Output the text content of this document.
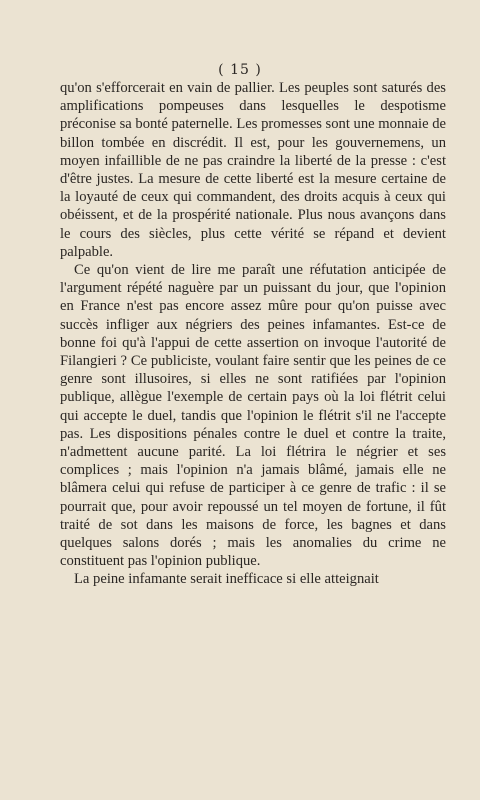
( 15 )

qu'on s'efforcerait en vain de pallier. Les peuples sont saturés des amplifications pompeuses dans lesquelles le despotisme préconise sa bonté paternelle. Les promesses sont une monnaie de billon tombée en discrédit. Il est, pour les gouvernemens, un moyen infaillible de ne pas craindre la liberté de la presse : c'est d'être justes. La mesure de cette liberté est la mesure certaine de la loyauté de ceux qui commandent, des droits acquis à ceux qui obéissent, et de la prospérité nationale. Plus nous avançons dans le cours des siècles, plus cette vérité se répand et devient palpable.

Ce qu'on vient de lire me paraît une réfutation anticipée de l'argument répété naguère par un puissant du jour, que l'opinion en France n'est pas encore assez mûre pour qu'on puisse avec succès infliger aux négriers des peines infamantes. Est-ce de bonne foi qu'à l'appui de cette assertion on invoque l'autorité de Filangieri ? Ce publiciste, voulant faire sentir que les peines de ce genre sont illusoires, si elles ne sont ratifiées par l'opinion publique, allègue l'exemple de certain pays où la loi flétrit celui qui accepte le duel, tandis que l'opinion le flétrit s'il ne l'accepte pas. Les dispositions pénales contre le duel et contre la traite, n'admettent aucune parité. La loi flétrira le négrier et ses complices ; mais l'opinion n'a jamais blâmé, jamais elle ne blâmera celui qui refuse de participer à ce genre de trafic : il se pourrait que, pour avoir repoussé un tel moyen de fortune, il fût traité de sot dans les maisons de force, les bagnes et dans quelques salons dorés ; mais les anomalies du crime ne constituent pas l'opinion publique.

La peine infamante serait inefficace si elle atteignait
